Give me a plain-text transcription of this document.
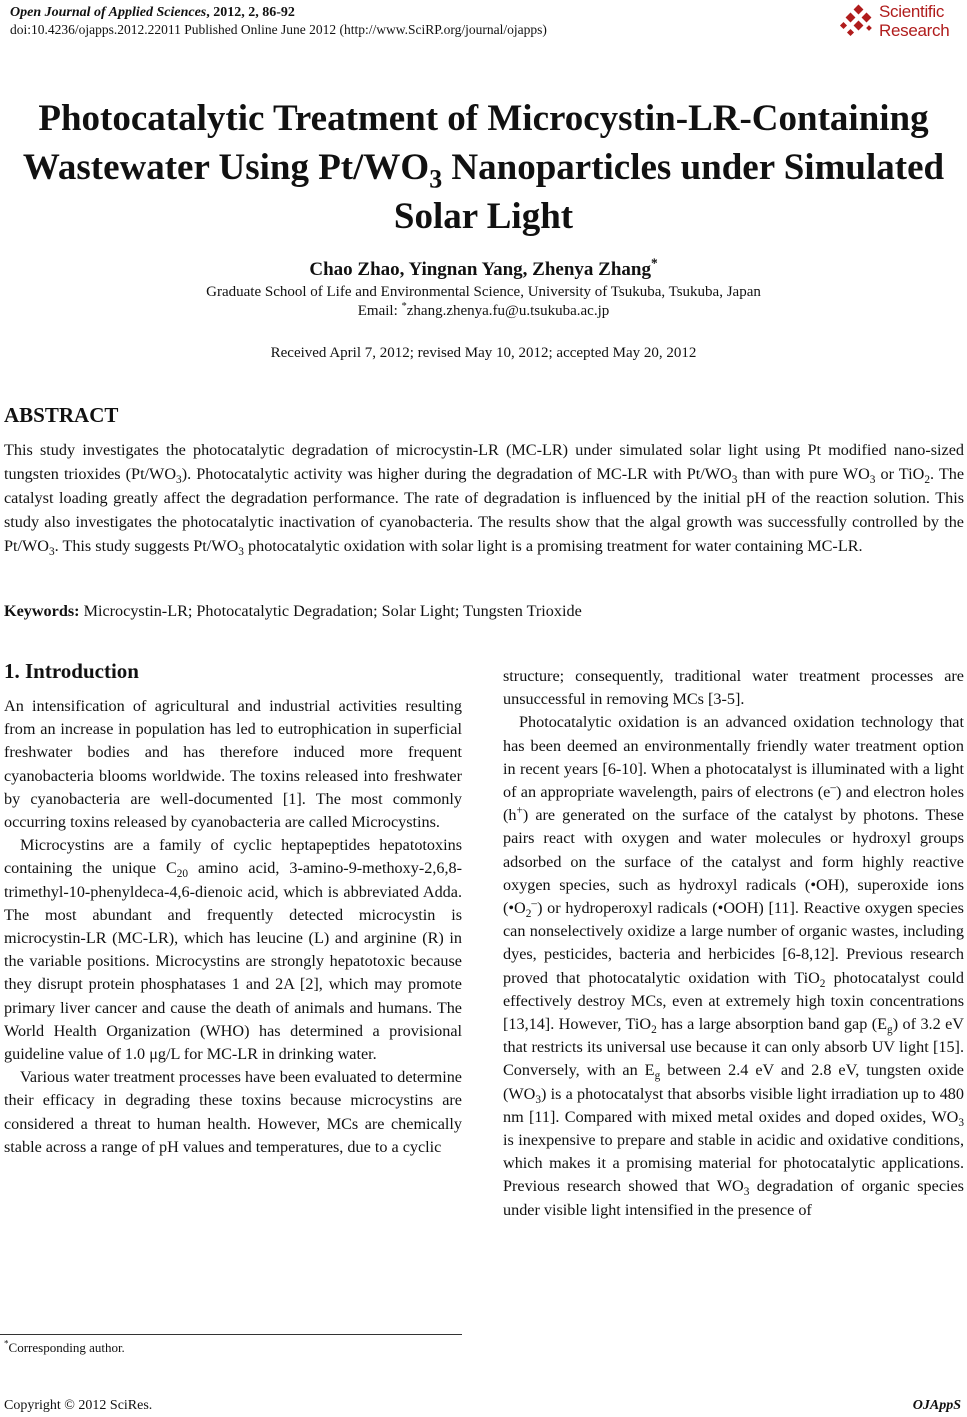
Open Journal of Applied Sciences, 2012, 2, 86-92
doi:10.4236/ojapps.2012.22011 Published Online June 2012 (http://www.SciRP.org/journal/ojapps)
Scientific
Research
Photocatalytic Treatment of Microcystin-LR-Containing
Wastewater Using $Pt/WO_3$ Nanoparticles under Simulated
Solar Light
Chao Zhao, Yingnan Yang, Zhenya Zhang*
Graduate School of Life and Environmental Science, University of Tsukuba, Tsukuba, Japan
Email: *zhang.zhenya.fu@u.tsukuba.ac.jp
Received April 7, 2012; revised May 10, 2012; accepted May 20, 2012
ABSTRACT
This study investigates the photocatalytic degradation of microcystin-LR (MC-LR) under simulated solar light using Pt modified nano-sized tungsten trioxides $(Pt/WO_3)$. Photocatalytic activity was higher during the degradation of MC-LR with $Pt/WO_3$ than with pure $WO_3$ or TiO$_2$. The catalyst loading greatly affect the degradation performance. The rate of degradation is influenced by the initial pH of the reaction solution. This study also investigates the photocatalytic inactivation of cyanobacteria. The results show that the algal growth was successfully controlled by the $Pt/WO_3$. This study suggests $Pt/WO_3$ photocatalytic oxidation with solar light is a promising treatment for water containing MC-LR.
Keywords: Microcystin-LR; Photocatalytic Degradation; Solar Light; Tungsten Trioxide
1. Introduction

An intensification of agricultural and industrial activities resulting from an increase in population has led to eutrophication in superficial freshwater bodies and has therefore induced more frequent cyanobacteria blooms worldwide. The toxins released into freshwater by cyanobacteria are well-documented [1]. The most commonly occurring toxins released by cyanobacteria are called Microcystins.

Microcystins are a family of cyclic heptapeptides hepatotoxins containing the unique $C_{20}$ amino acid, 3-amino-9-methoxy-2,6,8-trimethyl-10-phenyldeca-4,6-dienoic acid, which is abbreviated Adda. The most abundant and frequently detected microcystin is microcystin-LR (MC-LR), which has leucine (L) and arginine (R) in the variable positions. Microcystins are strongly hepatotoxic because they disrupt protein phosphatases 1 and 2A [2], which may promote primary liver cancer and cause the death of animals and humans. The World Health Organization (WHO) has determined a provisional guideline value of 1.0 μg/L for MC-LR in drinking water.

Various water treatment processes have been evaluated to determine their efficacy in degrading these toxins because microcystins are considered a threat to human health. However, MCs are chemically stable across a range of pH values and temperatures, due to a cyclic

structure; consequently, traditional water treatment processes are unsuccessful in removing MCs [3-5].

Photocatalytic oxidation is an advanced oxidation technology that has been deemed an environmentally friendly water treatment option in recent years [6-10]. When a photocatalyst is illuminated with a light of an appropriate wavelength, pairs of electrons (e–) and electron holes (h+) are generated on the surface of the catalyst by photons. These pairs react with oxygen and water molecules or hydroxyl groups adsorbed on the surface of the catalyst and form highly reactive oxygen species, such as hydroxyl radicals (•OH), superoxide ions $(•O_2^-)$ or hydroperoxyl radicals (•OOH) [11]. Reactive oxygen species can nonselectively oxidize a large number of organic wastes, including dyes, pesticides, bacteria and herbicides [6-8,12]. Previous research proved that photocatalytic oxidation with TiO$_2$ photocatalyst could effectively destroy MCs, even at extremely high toxin concentrations [13,14]. However, TiO$_2$ has a large absorption band gap $(E_g)$ of 3.2 eV that restricts its universal use because it can only absorb UV light [15]. Conversely, with an $E_g$ between 2.4 eV and 2.8 eV, tungsten oxide $(WO_3)$ is a photocatalyst that absorbs visible light irradiation up to 480 nm [11]. Compared with mixed metal oxides and doped oxides, $WO_3$ is inexpensive to prepare and stable in acidic and oxidative conditions, which makes it a promising material for photocatalytic applications. Previous research showed that $WO_3$ degradation of organic species under visible light intensified in the presence of

*Corresponding author.
Copyright © 2012 SciRes.	OJAppS
